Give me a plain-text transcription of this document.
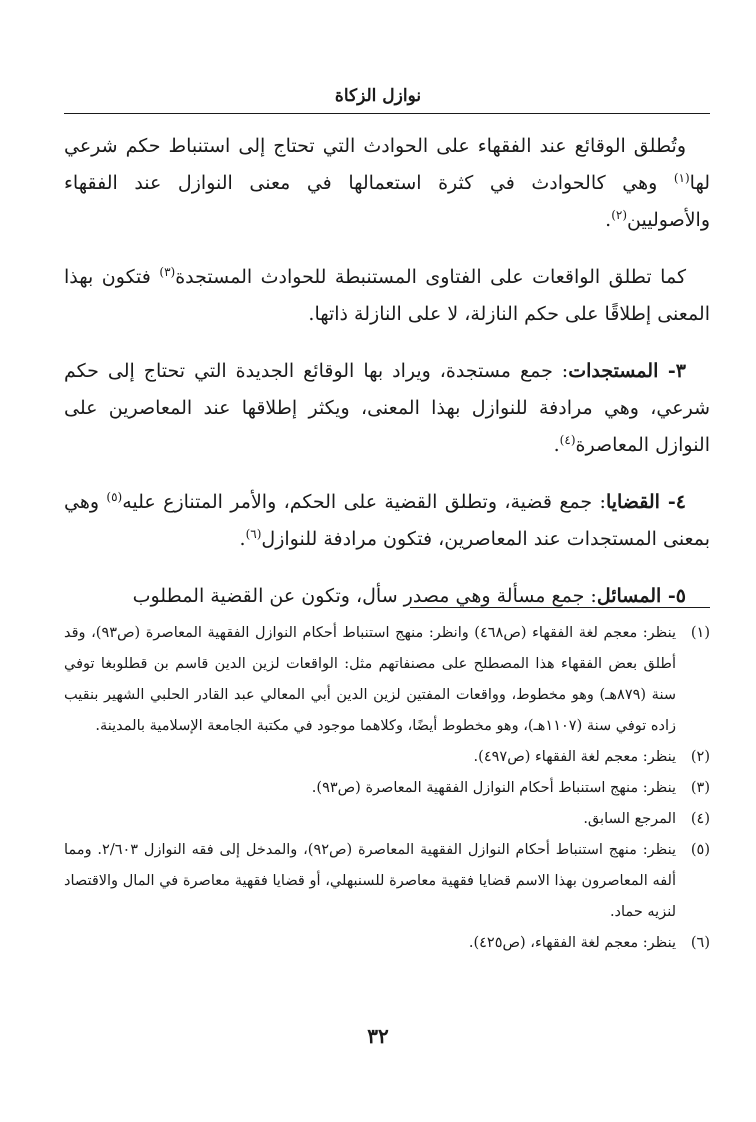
نوازل الزكاة

وتُطلق الوقائع عند الفقهاء على الحوادث التي تحتاج إلى استنباط حكم شرعي لها$^{(١)}$ وهي كالحوادث في كثرة استعمالها في معنى النوازل عند الفقهاء والأصوليين$^{(٢)}$.

كما تطلق الواقعات على الفتاوى المستنبطة للحوادث المستجدة$^{(٣)}$ فتكون بهذا المعنى إطلاقًا على حكم النازلة، لا على النازلة ذاتها.

٣- المستجدات: جمع مستجدة، ويراد بها الوقائع الجديدة التي تحتاج إلى حكم شرعي، وهي مرادفة للنوازل بهذا المعنى، ويكثر إطلاقها عند المعاصرين على النوازل المعاصرة$^{(٤)}$.

٤- القضايا: جمع قضية، وتطلق القضية على الحكم، والأمر المتنازع عليه$^{(٥)}$ وهي بمعنى المستجدات عند المعاصرين، فتكون مرادفة للنوازل$^{(٦)}$.

٥- المسائل: جمع مسألة وهي مصدر سأل، وتكون عن القضية المطلوب

(١)
ينظر: معجم لغة الفقهاء (ص٤٦٨) وانظر: منهج استنباط أحكام النوازل الفقهية المعاصرة (ص٩٣)، وقد أطلق بعض الفقهاء هذا المصطلح على مصنفاتهم مثل: الواقعات لزين الدين قاسم بن قطلوبغا توفي سنة (٨٧٩هـ) وهو مخطوط، وواقعات المفتين لزين الدين أبي المعالي عبد القادر الحلبي الشهير بنقيب زاده توفي سنة (١١٠٧هـ)، وهو مخطوط أيضًا، وكلاهما موجود في مكتبة الجامعة الإسلامية بالمدينة.
(٢)
ينظر: معجم لغة الفقهاء (ص٤٩٧).
(٣)
ينظر: منهج استنباط أحكام النوازل الفقهية المعاصرة (ص٩٣).
(٤)
المرجع السابق.
(٥)
ينظر: منهج استنباط أحكام النوازل الفقهية المعاصرة (ص٩٢)، والمدخل إلى فقه النوازل ٢/٦٠٣. ومما ألفه المعاصرون بهذا الاسم قضايا فقهية معاصرة للسنبهلي، أو قضايا فقهية معاصرة في المال والاقتصاد لنزيه حماد.
(٦)
ينظر: معجم لغة الفقهاء، (ص٤٢٥).
٣٢
